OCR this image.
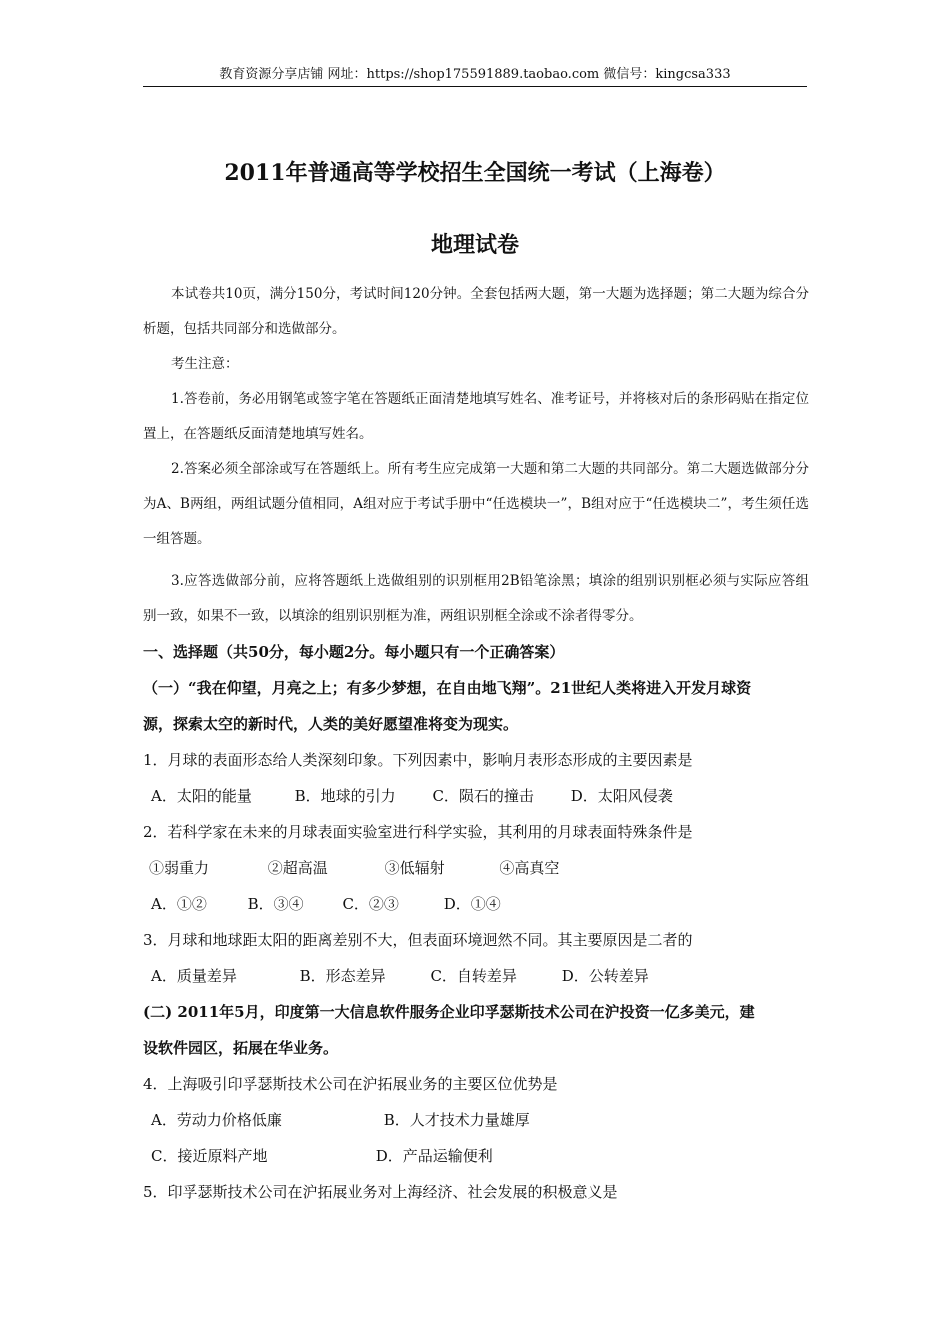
教育资源分享店铺 网址：https://shop175591889.taobao.com 微信号：kingcsa333
2011年普通高等学校招生全国统一考试（上海卷）
地理试卷
本试卷共10页，满分150分，考试时间120分钟。全套包括两大题，第一大题为选择题；第二大题为综合分析题，包括共同部分和选做部分。
考生注意：
1.答卷前，务必用钢笔或签字笔在答题纸正面清楚地填写姓名、准考证号，并将核对后的条形码贴在指定位置上，在答题纸反面清楚地填写姓名。
2.答案必须全部涂或写在答题纸上。所有考生应完成第一大题和第二大题的共同部分。第二大题选做部分分为A、B两组，两组试题分值相同，A组对应于考试手册中“任选模块一”，B组对应于“任选模块二”，考生须任选一组答题。
3.应答选做部分前，应将答题纸上选做组别的识别框用2B铅笔涂黑；填涂的组别识别框必须与实际应答组别一致，如果不一致，以填涂的组别识别框为准，两组识别框全涂或不涂者得零分。
一、选择题（共50分，每小题2分。每小题只有一个正确答案）
（一）“我在仰望，月亮之上；有多少梦想，在自由地飞翔”。21世纪人类将进入开发月球资
源，探索太空的新时代，人类的美好愿望准将变为现实。
1．月球的表面形态给人类深刻印象。下列因素中，影响月表形态形成的主要因素是
A．太阳的能量	B．地球的引力 C．陨石的撞击 D．太阳风侵袭
2．若科学家在未来的月球表面实验室进行科学实验，其利用的月球表面特殊条件是
①弱重力	②超高温	③低辐射	④高真空
A．①②	B．③④	C．②③	D．①④
3．月球和地球距太阳的距离差别不大，但表面环境迥然不同。其主要原因是二者的
A．质量差异	B．形态差异	C．自转差异	D．公转差异
(二) 2011年5月，印度第一大信息软件服务企业印孚瑟斯技术公司在沪投资一亿多美元，建
设软件园区，拓展在华业务。
4．上海吸引印孚瑟斯技术公司在沪拓展业务的主要区位优势是
A．劳动力价格低廉	B．人才技术力量雄厚
C．接近原料产地	D．产品运输便利
5．印孚瑟斯技术公司在沪拓展业务对上海经济、社会发展的积极意义是
